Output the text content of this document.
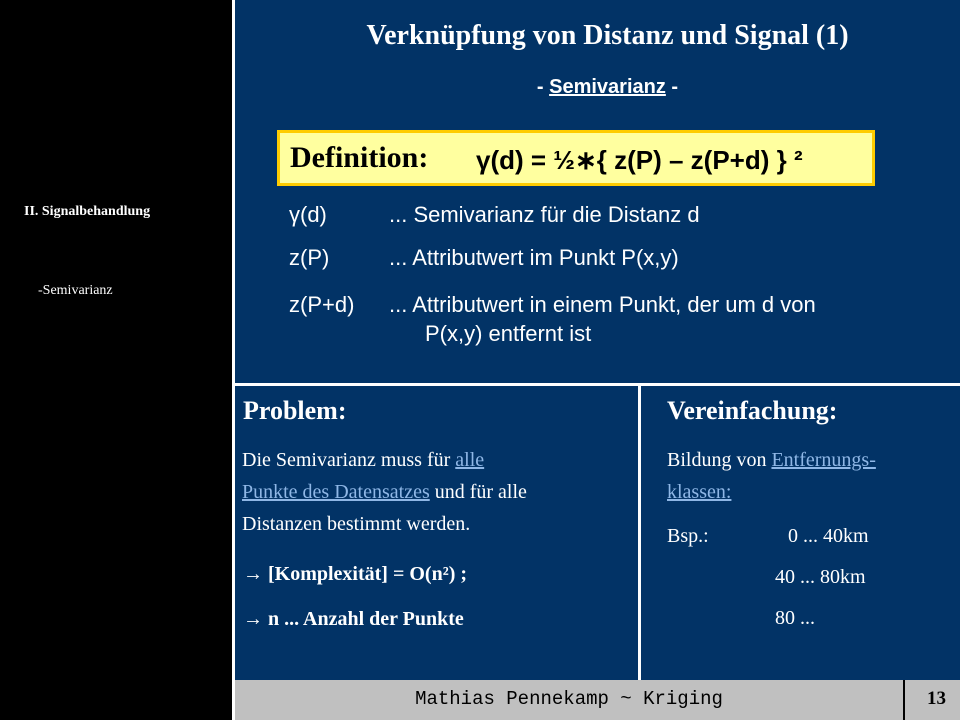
II. Signalbehandlung
-Semivarianz
Verknüpfung von Distanz und Signal (1)
- Semivarianz -
Definition: γ(d) = ½∗{ z(P) – z(P+d) } ²
γ(d)	... Semivarianz für die Distanz d
z(P)	... Attributwert im Punkt P(x,y)
z(P+d) ... Attributwert in einem Punkt, der um d von
P(x,y) entfernt ist
Problem:
Die Semivarianz muss für alle
Punkte des Datensatzes und für alle
Distanzen bestimmt werden.
→ [Komplexität] = O(n²) ;
→ n ... Anzahl der Punkte
Vereinfachung:
Bildung von Entfernungs-
klassen:
Bsp.:	0 ... 40km
40 ... 80km
80 ...
Mathias Pennekamp ~ Kriging	13
